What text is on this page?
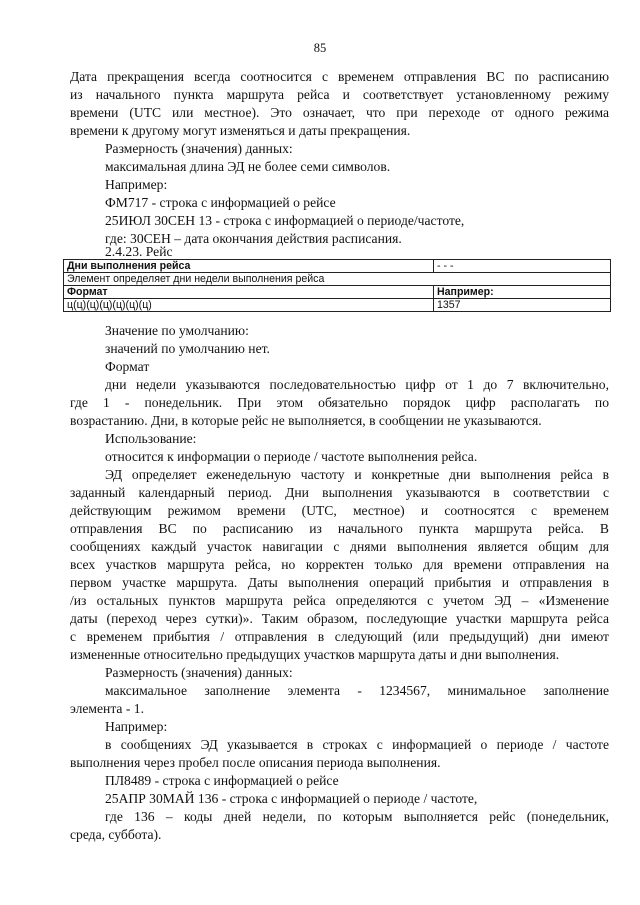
85
Дата прекращения всегда соотносится с временем отправления ВС по расписанию
из начального пункта маршрута рейса и соответствует установленному режиму
времени (UTC или местное). Это означает, что при переходе от одного режима
времени к другому могут изменяться и даты прекращения.
Размерность (значения) данных:
максимальная длина ЭД не более семи символов.
Например:
ФМ717 - строка с информацией о рейсе
25ИЮЛ 30СЕН 13 - строка с информацией о периоде/частоте,
где: 30СЕН – дата окончания действия расписания.
2.4.23. Рейс
Дни выполнения рейса	- - -
Элемент определяет дни недели выполнения рейса	
Формат	Например:
ц(ц)(ц)(ц)(ц)(ц)(ц)	1357
Значение по умолчанию:
значений по умолчанию нет.
Формат
дни недели указываются последовательностью цифр от 1 до 7 включительно,
где 1 - понедельник. При этом обязательно порядок цифр располагать по
возрастанию. Дни, в которые рейс не выполняется, в сообщении не указываются.
Использование:
относится к информации о периоде / частоте выполнения рейса.
ЭД определяет еженедельную частоту и конкретные дни выполнения рейса в
заданный календарный период. Дни выполнения указываются в соответствии с
действующим режимом времени (UTC, местное) и соотносятся с временем
отправления ВС по расписанию из начального пункта маршрута рейса. В
сообщениях каждый участок навигации с днями выполнения является общим для
всех участков маршрута рейса, но корректен только для времени отправления на
первом участке маршрута. Даты выполнения операций прибытия и отправления в
/из остальных пунктов маршрута рейса определяются с учетом ЭД – «Изменение
даты (переход через сутки)». Таким образом, последующие участки маршрута рейса
с временем прибытия / отправления в следующий (или предыдущий) дни имеют
измененные относительно предыдущих участков маршрута даты и дни выполнения.
Размерность (значения) данных:
максимальное заполнение элемента - 1234567, минимальное заполнение
элемента - 1.
Например:
в сообщениях ЭД указывается в строках с информацией о периоде / частоте
выполнения через пробел после описания периода выполнения.
ПЛ8489 - строка с информацией о рейсе
25АПР 30МАЙ 136 - строка с информацией о периоде / частоте,
где 136 – коды дней недели, по которым выполняется рейс (понедельник,
среда, суббота).
